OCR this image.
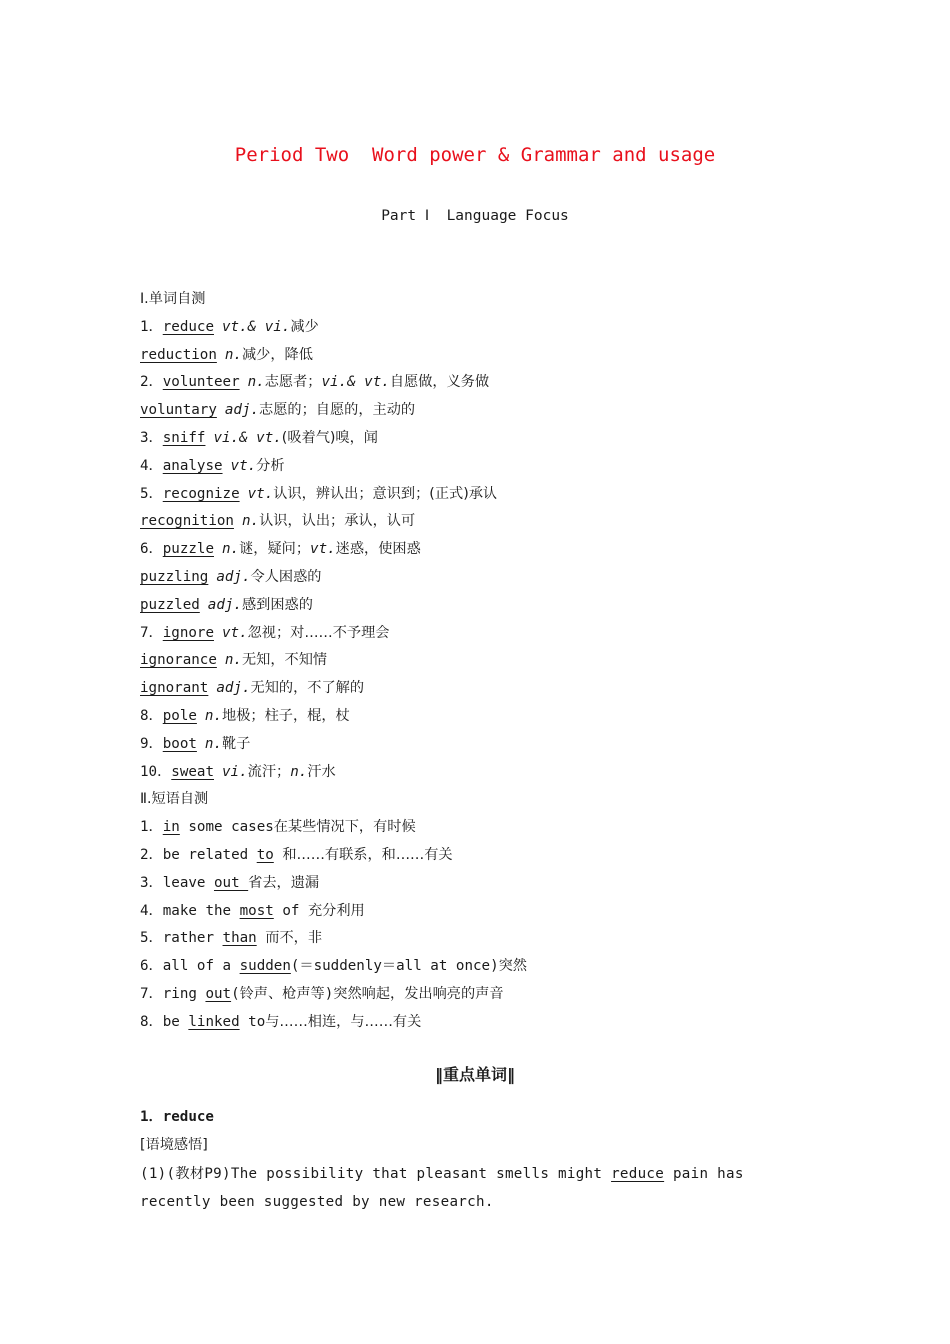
Period Two  Word power & Grammar and usage
Part Ⅰ  Language Focus
Ⅰ.单词自测
1．reduce vt.& vi.减少
reduction n.减少，降低
2．volunteer n.志愿者；vi.& vt.自愿做，义务做
voluntary adj.志愿的；自愿的，主动的
3．sniff vi.& vt.(吸着气)嗅，闻
4．analyse vt.分析
5．recognize vt.认识，辨认出；意识到；(正式)承认
recognition n.认识，认出；承认，认可
6．puzzle n.谜，疑问；vt.迷惑，使困惑
puzzling adj.令人困惑的
puzzled adj.感到困惑的
7．ignore vt.忽视；对……不予理会
ignorance n.无知，不知情
ignorant adj.无知的，不了解的
8．pole n.地极；柱子，棍，杖
9．boot n.靴子
10．sweat vi.流汗；n.汗水
Ⅱ.短语自测
1．in some cases在某些情况下，有时候
2．be related to 和……有联系，和……有关
3．leave out 省去，遗漏
4．make the most of 充分利用
5．rather than 而不，非
6．all of a sudden(＝suddenly＝all at once)突然
7．ring out(铃声、枪声等)突然响起，发出响亮的声音
8．be linked to与……相连，与……有关
‖重点单词‖
1．reduce
[语境感悟]
(1)(教材P9)The possibility that pleasant smells might reduce pain has recently been suggested by new research.
